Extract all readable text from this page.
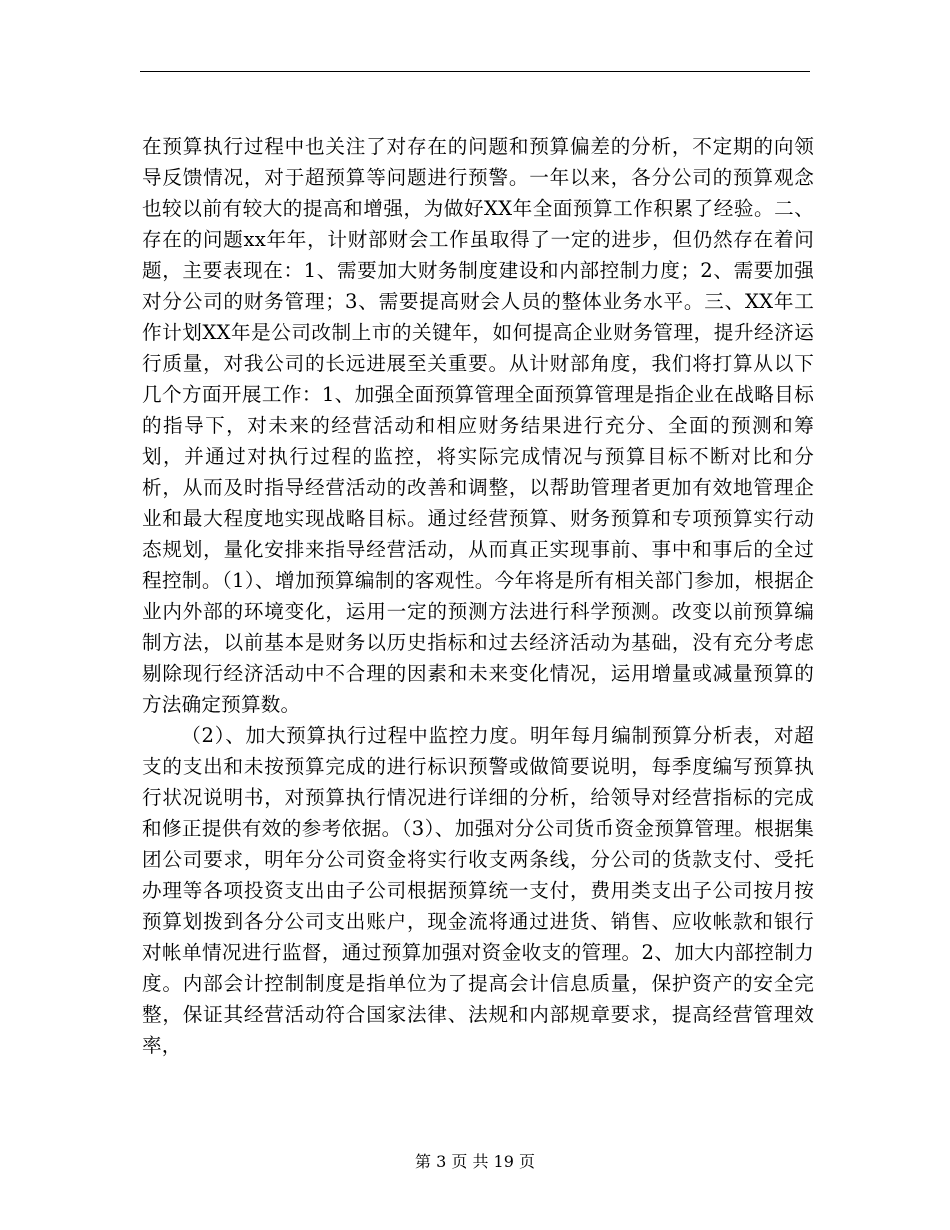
在预算执行过程中也关注了对存在的问题和预算偏差的分析，不定期的向领导反馈情况，对于超预算等问题进行预警。一年以来，各分公司的预算观念也较以前有较大的提高和增强，为做好XX年全面预算工作积累了经验。二、存在的问题xx年年，计财部财会工作虽取得了一定的进步，但仍然存在着问题，主要表现在：1、需要加大财务制度建设和内部控制力度；2、需要加强对分公司的财务管理；3、需要提高财会人员的整体业务水平。三、XX年工作计划XX年是公司改制上市的关键年，如何提高企业财务管理，提升经济运行质量，对我公司的长远进展至关重要。从计财部角度，我们将打算从以下几个方面开展工作：1、加强全面预算管理全面预算管理是指企业在战略目标的指导下，对未来的经营活动和相应财务结果进行充分、全面的预测和筹划，并通过对执行过程的监控，将实际完成情况与预算目标不断对比和分析，从而及时指导经营活动的改善和调整，以帮助管理者更加有效地管理企业和最大程度地实现战略目标。通过经营预算、财务预算和专项预算实行动态规划，量化安排来指导经营活动，从而真正实现事前、事中和事后的全过程控制。（1）、增加预算编制的客观性。今年将是所有相关部门参加，根据企业内外部的环境变化，运用一定的预测方法进行科学预测。改变以前预算编制方法，以前基本是财务以历史指标和过去经济活动为基础，没有充分考虑剔除现行经济活动中不合理的因素和未来变化情况，运用增量或减量预算的方法确定预算数。

（2）、加大预算执行过程中监控力度。明年每月编制预算分析表，对超支的支出和未按预算完成的进行标识预警或做简要说明，每季度编写预算执行状况说明书，对预算执行情况进行详细的分析，给领导对经营指标的完成和修正提供有效的参考依据。（3）、加强对分公司货币资金预算管理。根据集团公司要求，明年分公司资金将实行收支两条线，分公司的货款支付、受托办理等各项投资支出由子公司根据预算统一支付，费用类支出子公司按月按预算划拨到各分公司支出账户，现金流将通过进货、销售、应收帐款和银行对帐单情况进行监督，通过预算加强对资金收支的管理。2、加大内部控制力度。内部会计控制制度是指单位为了提高会计信息质量，保护资产的安全完整，保证其经营活动符合国家法律、法规和内部规章要求，提高经营管理效率，

第 3 页 共 19 页
